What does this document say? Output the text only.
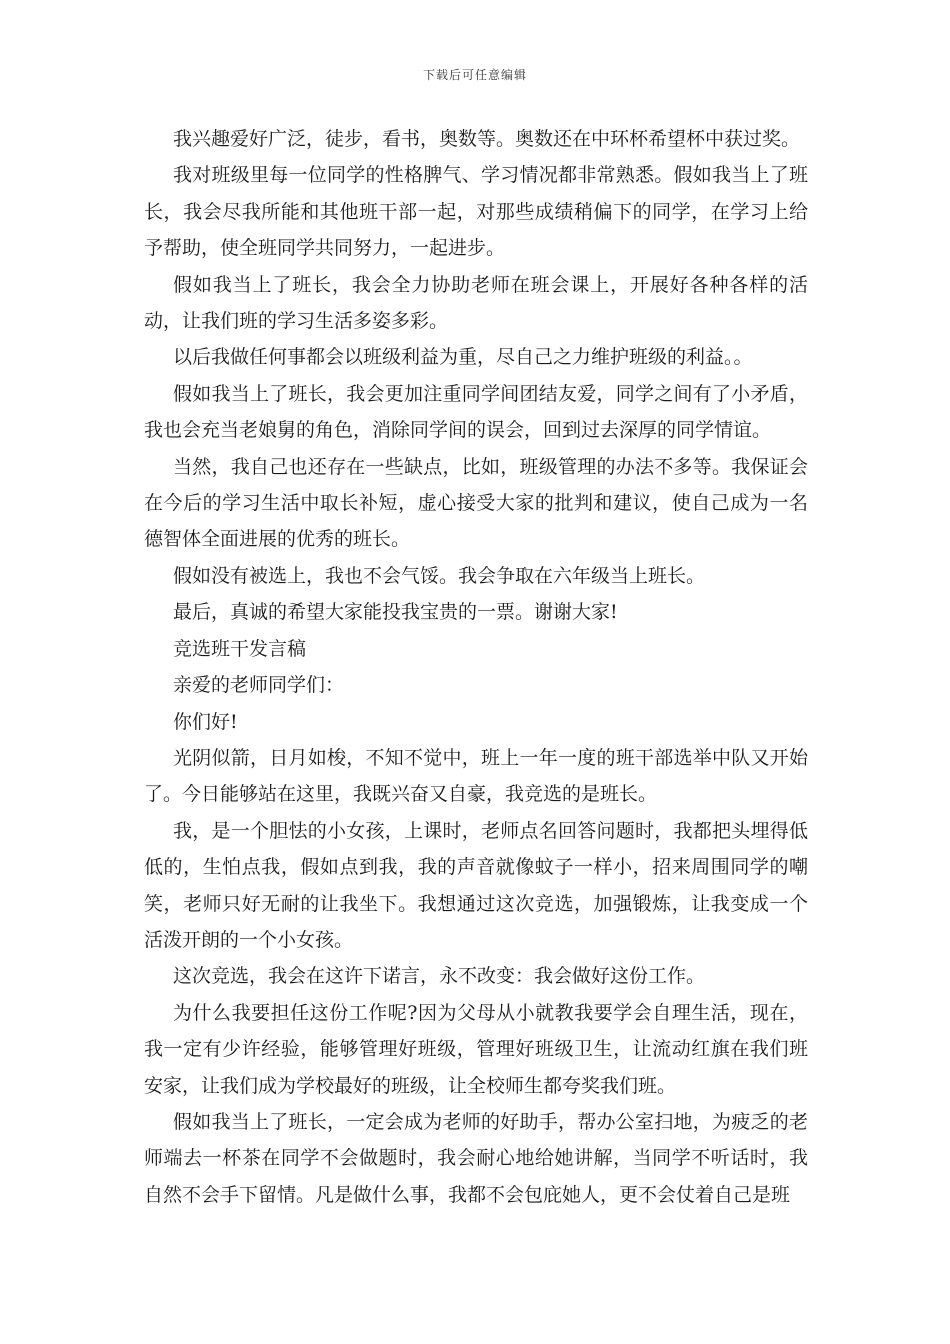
下载后可任意编辑

我兴趣爱好广泛，徒步，看书，奥数等。奥数还在中环杯希望杯中获过奖。

我对班级里每一位同学的性格脾气、学习情况都非常熟悉。假如我当上了班长，我会尽我所能和其他班干部一起，对那些成绩稍偏下的同学，在学习上给予帮助，使全班同学共同努力，一起进步。

假如我当上了班长，我会全力协助老师在班会课上，开展好各种各样的活动，让我们班的学习生活多姿多彩。

以后我做任何事都会以班级利益为重，尽自己之力维护班级的利益。。

假如我当上了班长，我会更加注重同学间团结友爱，同学之间有了小矛盾，我也会充当老娘舅的角色，消除同学间的误会，回到过去深厚的同学情谊。

当然，我自己也还存在一些缺点，比如，班级管理的办法不多等。我保证会在今后的学习生活中取长补短，虚心接受大家的批判和建议，使自己成为一名德智体全面进展的优秀的班长。

假如没有被选上，我也不会气馁。我会争取在六年级当上班长。

最后，真诚的希望大家能投我宝贵的一票。谢谢大家!

竞选班干发言稿

亲爱的老师同学们：

你们好!

光阴似箭，日月如梭，不知不觉中，班上一年一度的班干部选举中队又开始了。今日能够站在这里，我既兴奋又自豪，我竞选的是班长。

我，是一个胆怯的小女孩，上课时，老师点名回答问题时，我都把头埋得低低的，生怕点我，假如点到我，我的声音就像蚊子一样小，招来周围同学的嘲笑，老师只好无耐的让我坐下。我想通过这次竞选，加强锻炼，让我变成一个活泼开朗的一个小女孩。

这次竞选，我会在这许下诺言，永不改变：我会做好这份工作。

为什么我要担任这份工作呢?因为父母从小就教我要学会自理生活，现在，我一定有少许经验，能够管理好班级，管理好班级卫生，让流动红旗在我们班安家，让我们成为学校最好的班级，让全校师生都夸奖我们班。

假如我当上了班长，一定会成为老师的好助手，帮办公室扫地，为疲乏的老师端去一杯茶在同学不会做题时，我会耐心地给她讲解，当同学不听话时，我自然不会手下留情。凡是做什么事，我都不会包庇她人，更不会仗着自己是班
